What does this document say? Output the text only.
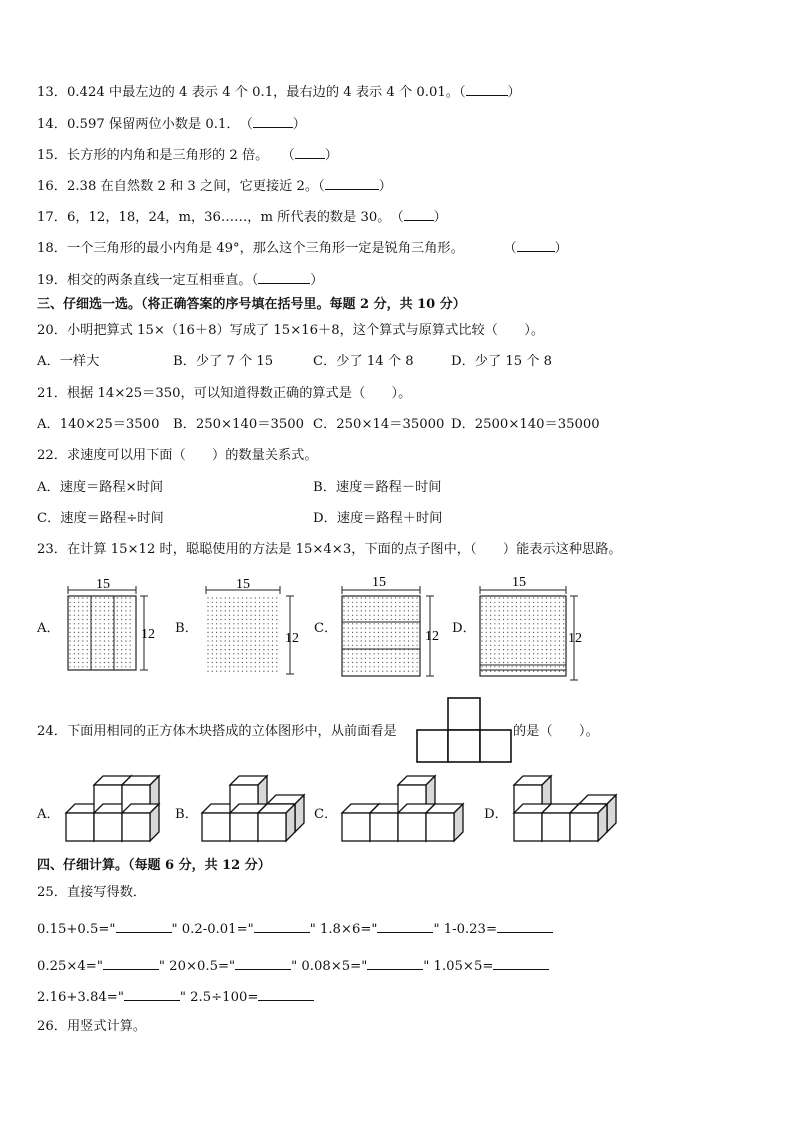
13．0.424 中最左边的 4 表示 4 个 0.1，最右边的 4 表示 4 个 0.01。（	）
14．0.597 保留两位小数是 0.1．　（	）
15．长方形的内角和是三角形的 2 倍。　　（ ）
16．2.38 在自然数 2 和 3 之间，它更接近 2。（	）
17．6，12，18，24，m，36……，m 所代表的数是 30。　（ ）
18．一个三角形的最小内角是 49°，那么这个三角形一定是锐角三角形。　　　　（	）
19．相交的两条直线一定互相垂直。（	）
三、仔细选一选。（将正确答案的序号填在括号里。每题 2 分，共 10 分）
20．小明把算式 15×（16＋8）写成了 15×16＋8，这个算式与原算式比较（　　）。
A．一样大	B．少了 7 个 15	C．少了 14 个 8	D．少了 15 个 8
21．根据 14×25＝350，可以知道得数正确的算式是（　　）。
A．140×25＝3500 B．250×140＝3500 C．250×14＝35000 D．2500×140＝35000
22．求速度可以用下面（　　）的数量关系式。
A．速度＝路程×时间	B．速度＝路程－时间
C．速度＝路程÷时间	D．速度＝路程＋时间
23．在计算 15×12 时，聪聪使用的方法是 15×4×3，下面的点子图中，（　　）能表示这种思路。
A．	B．	C．	D．
15
12
15
12
15
12
15
12
24．下面用相同的正方体木块搭成的立体图形中，从前面看是	的是（　　）。
A．	B．	C．	D．
四、仔细计算。（每题 6 分，共 12 分）
25．直接写得数．
0.15+0.5="	" 0.2-0.01="	" 1.8×6="	" 1-0.23=
0.25×4="	" 20×0.5="	" 0.08×5="	" 1.05×5=
2.16+3.84="	" 2.5÷100=
26．用竖式计算。
